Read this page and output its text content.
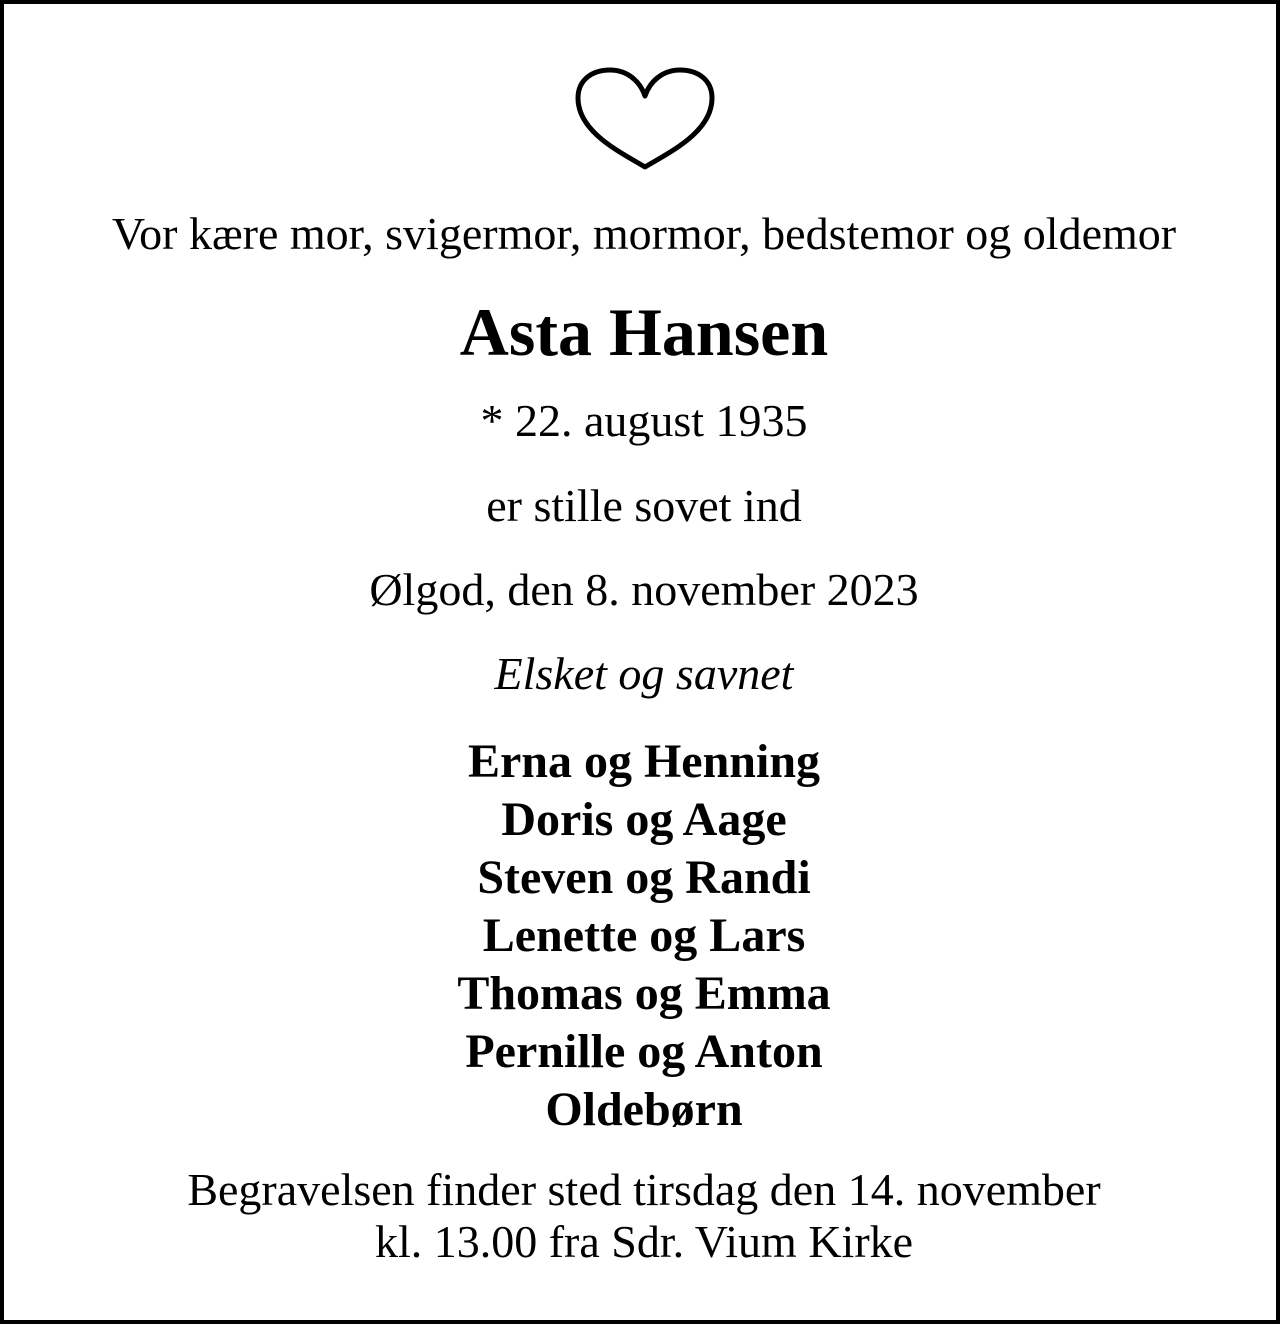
Vor kære mor, svigermor, mormor, bedstemor og oldemor
Asta Hansen
* 22. august 1935
er stille sovet ind
Ølgod, den 8. november 2023
Elsket og savnet
Erna og Henning
Doris og Aage
Steven og Randi
Lenette og Lars
Thomas og Emma
Pernille og Anton
Oldebørn
Begravelsen finder sted tirsdag den 14. november
kl. 13.00 fra Sdr. Vium Kirke
